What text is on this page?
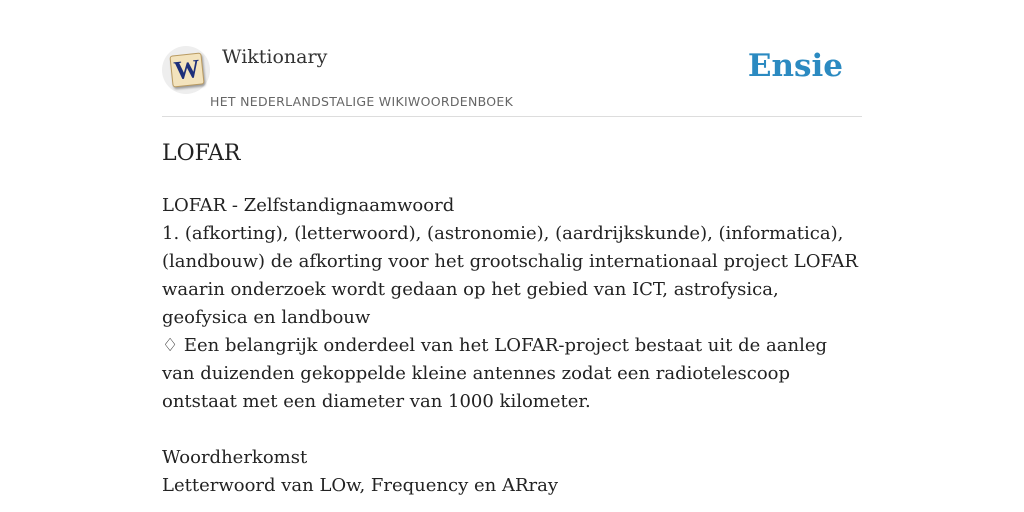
W Wiktionary
HET NEDERLANDSTALIGE WIKIWOORDENBOEK
Ensie
LOFAR

LOFAR - Zelfstandignaamwoord

1. (afkorting), (letterwoord), (astronomie), (aardrijkskunde), (informatica), (landbouw) de afkorting voor het grootschalig internationaal project LOFAR waarin onderzoek wordt gedaan op het gebied van ICT, astrofysica, geofysica en landbouw

♢ Een belangrijk onderdeel van het LOFAR-project bestaat uit de aanleg van duizenden gekoppelde kleine antennes zodat een radiotelescoop ontstaat met een diameter van 1000 kilometer.

Woordherkomst

Letterwoord van LOw, Frequency en ARray
